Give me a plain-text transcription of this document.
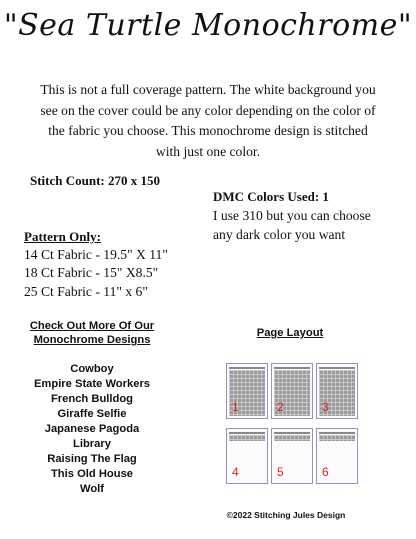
"Sea Turtle Monochrome"
This is not a full coverage pattern. The white background you see on the cover could be any color depending on the color of the fabric you choose. This monochrome design is stitched with just one color.
Stitch Count: 270 x 150
DMC Colors Used: 1
I use 310 but you can choose
any dark color you want
Pattern Only:
14 Ct Fabric - 19.5" X 11"
18 Ct Fabric - 15" X8.5"
25 Ct Fabric - 11" x 6"
Check Out More Of Our
Monochrome Designs
Cowboy
Empire State Workers
French Bulldog
Giraffe Selfie
Japanese Pagoda
Library
Raising The Flag
This Old House
Wolf
Page Layout
1	2	3
4	5	6
©2022 Stitching Jules Design
